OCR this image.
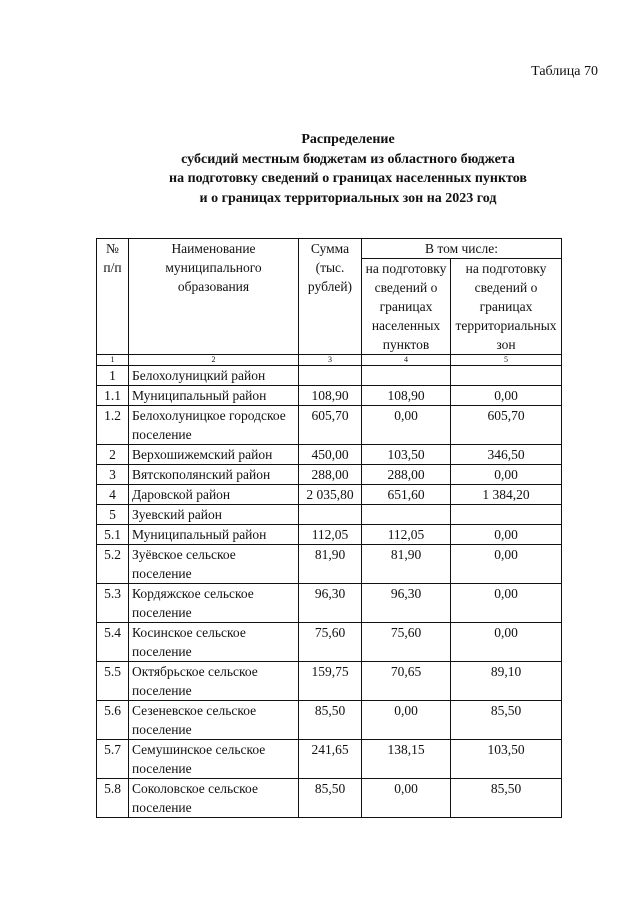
Таблица 70
Распределение
субсидий местным бюджетам из областного бюджета
на подготовку сведений о границах населенных пунктов
и о границах территориальных зон на 2023 год
№ п/п	Наименование муниципального образования	Сумма (тыс. рублей)	В том числе:	
			на подготовку сведений о границах населенных пунктов	на подготовку сведений о границах территориальных зон
1	2	3	4	5
1	Белохолуницкий район			
1.1	Муниципальный район	108,90	108,90	0,00
1.2	Белохолуницкое городское поселение	605,70	0,00	605,70
2	Верхошижемский район	450,00	103,50	346,50
3	Вятскополянский район	288,00	288,00	0,00
4	Даровской район	2 035,80	651,60	1 384,20
5	Зуевский район			
5.1	Муниципальный район	112,05	112,05	0,00
5.2	Зуёвское сельское поселение	81,90	81,90	0,00
5.3	Кордяжское сельское поселение	96,30	96,30	0,00
5.4	Косинское сельское поселение	75,60	75,60	0,00
5.5	Октябрьское сельское поселение	159,75	70,65	89,10
5.6	Сезеневское сельское поселение	85,50	0,00	85,50
5.7	Семушинское сельское поселение	241,65	138,15	103,50
5.8	Соколовское сельское поселение	85,50	0,00	85,50
